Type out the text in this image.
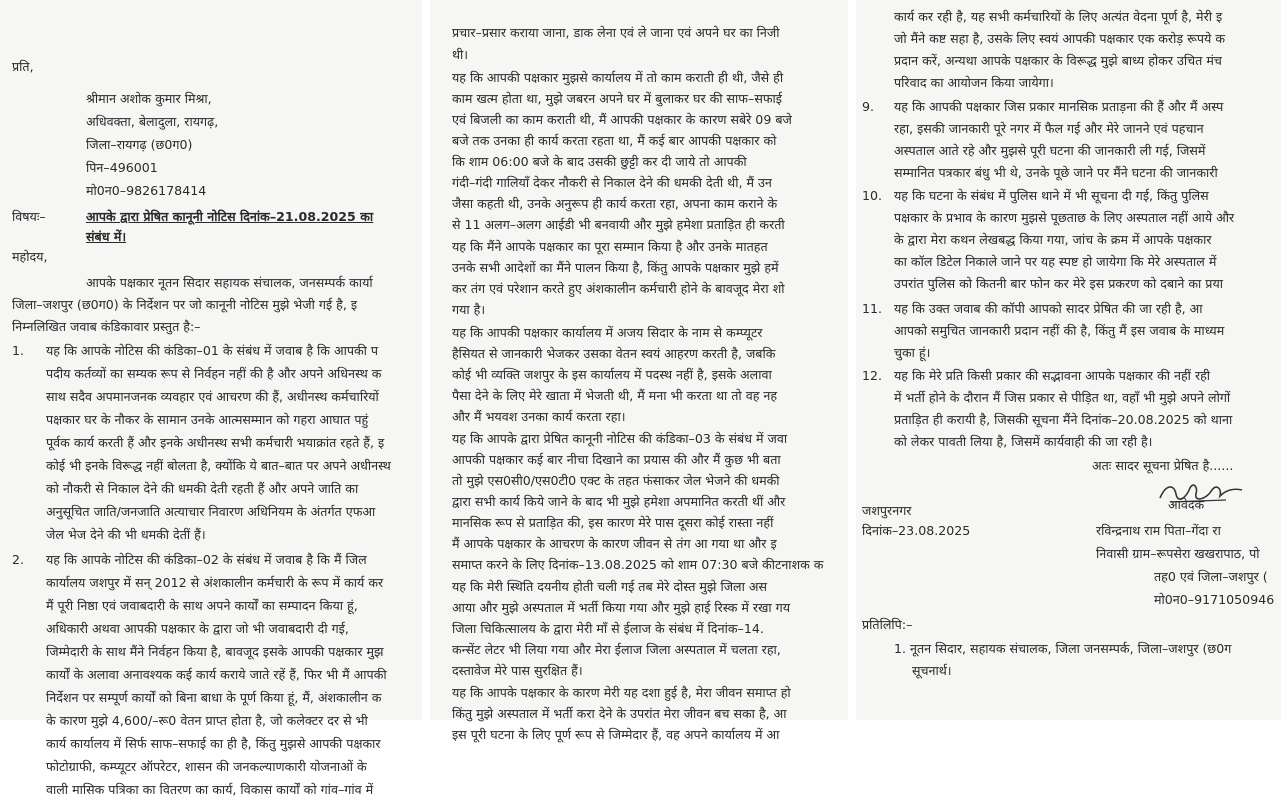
प्रति,
श्रीमान अशोक कुमार मिश्रा,
अधिवक्ता, बेलादुला, रायगढ़,
जिला–रायगढ़ (छ0ग0)
पिन–496001
मो0न0–9826178414
विषयः–	आपके द्वारा प्रेषित कानूनी नोटिस दिनांक–21.08.2025 का
संबंध में।
महोदय,
आपके पक्षकार नूतन सिदार सहायक संचालक, जनसम्पर्क कार्या
जिला–जशपुर (छ0ग0) के निर्देशन पर जो कानूनी नोटिस मुझे भेजी गई है, इ
निम्नलिखित जवाब कंडिकावार प्रस्तुत है:–
1. यह कि आपके नोटिस की कंडिका–01 के संबंध में जवाब है कि आपकी प
पदीय कर्तव्यों का सम्यक रूप से निर्वहन नहीं की है और अपने अधिनस्थ क
साथ सदैव अपमानजनक व्यवहार एवं आचरण की हैं, अधीनस्थ कर्मचारियों
पक्षकार घर के नौकर के सामान उनके आत्मसम्मान को गहरा आघात पहुं
पूर्वक कार्य करती हैं और इनके अधीनस्थ सभी कर्मचारी भयाक्रांत रहते हैं, इ
कोई भी इनके विरूद्ध नहीं बोलता है, क्योंकि ये बात–बात पर अपने अधीनस्थ
को नौकरी से निकाल देने की धमकी देती रहती हैं और अपने जाति का
अनुसूचित जाति/जनजाति अत्याचार निवारण अधिनियम के अंतर्गत एफआ
जेल भेज देने की भी धमकी देतीं हैं।
2. यह कि आपके नोटिस की कंडिका–02 के संबंध में जवाब है कि मैं जिल
कार्यालय जशपुर में सन् 2012 से अंशकालीन कर्मचारी के रूप में कार्य कर
मैं पूरी निष्ठा एवं जवाबदारी के साथ अपने कार्यों का सम्पादन किया हूं,
अधिकारी अथवा आपकी पक्षकार के द्वारा जो भी जवाबदारी दी गई,
जिम्मेदारी के साथ मैंने निर्वहन किया है, बावजूद इसके आपकी पक्षकार मुझ
कार्यों के अलावा अनावश्यक कई कार्य कराये जाते रहें हैं, फिर भी मैं आपकी
निर्देशन पर सम्पूर्ण कार्यों को बिना बाधा के पूर्ण किया हूं, मैं, अंशकालीन क
के कारण मुझे 4,600/–रू0 वेतन प्राप्त होता है, जो कलेक्टर दर से भी
कार्य कार्यालय में सिर्फ साफ–सफाई का ही है, किंतु मुझसे आपकी पक्षकार
फोटोग्राफी, कम्प्यूटर ऑपरेटर, शासन की जनकल्याणकारी योजनाओं के
वाली मासिक पत्रिका का वितरण का कार्य, विकास कार्यों को गांव–गांव में
प्रचार–प्रसार कराया जाना, डाक लेना एवं ले जाना एवं अपने घर का निजी
थी।
यह कि आपकी पक्षकार मुझसे कार्यालय में तो काम कराती ही थी, जैसे ही
काम खत्म होता था, मुझे जबरन अपने घर में बुलाकर घर की साफ–सफाई
एवं बिजली का काम कराती थी, मैं आपकी पक्षकार के कारण सबेरे 09 बजे
बजे तक उनका ही कार्य करता रहता था, मैं कई बार आपकी पक्षकार को
कि शाम 06:00 बजे के बाद उसकी छुट्टी कर दी जाये तो आपकी
गंदी–गंदी गालियाँ देकर नौकरी से निकाल देने की धमकी देती थी, मैं उन
जैसा कहती थी, उनके अनुरूप ही कार्य करता रहा, अपना काम कराने के
से 11 अलग–अलग आईडी भी बनवायी और मुझे हमेशा प्रताड़ित ही करती
यह कि मैंने आपके पक्षकार का पूरा सम्मान किया है और उनके मातहत
उनके सभी आदेशों का मैंने पालन किया है, किंतु आपके पक्षकार मुझे हमें
कर तंग एवं परेशान करते हुए अंशकालीन कर्मचारी होने के बावजूद मेरा शो
गया है।
यह कि आपकी पक्षकार कार्यालय में अजय सिदार के नाम से कम्प्यूटर
हैसियत से जानकारी भेजकर उसका वेतन स्वयं आहरण करती है, जबकि
कोई भी व्यक्ति जशपुर के इस कार्यालय में पदस्थ नहीं है, इसके अलावा
पैसा देने के लिए मेरे खाता में भेजती थी, मैं मना भी करता था तो वह नह
और मैं भयवश उनका कार्य करता रहा।
यह कि आपके द्वारा प्रेषित कानूनी नोटिस की कंडिका–03 के संबंध में जवा
आपकी पक्षकार कई बार नीचा दिखाने का प्रयास की और मैं कुछ भी बता
तो मुझे एस0सी0/एस0टी0 एक्ट के तहत फंसाकर जेल भेजने की धमकी
द्वारा सभी कार्य किये जाने के बाद भी मुझे हमेशा अपमानित करती थीं और
मानसिक रूप से प्रताड़ित की, इस कारण मेरे पास दूसरा कोई रास्ता नहीं
मैं आपके पक्षकार के आचरण के कारण जीवन से तंग आ गया था और इ
समाप्त करने के लिए दिनांक–13.08.2025 को शाम 07:30 बजे कीटनाशक क
यह कि मेरी स्थिति दयनीय होती चली गई तब मेरे दोस्त मुझे जिला अस
आया और मुझे अस्पताल में भर्ती किया गया और मुझे हाई रिस्क में रखा गय
जिला चिकित्सालय के द्वारा मेरी माँ से ईलाज के संबंध में दिनांक–14.
कन्सेंट लेटर भी लिया गया और मेरा ईलाज जिला अस्पताल में चलता रहा,
दस्तावेज मेरे पास सुरक्षित हैं।
यह कि आपके पक्षकार के कारण मेरी यह दशा हुई है, मेरा जीवन समाप्त हो
किंतु मुझे अस्पताल में भर्ती करा देने के उपरांत मेरा जीवन बच सका है, आ
इस पूरी घटना के लिए पूर्ण रूप से जिम्मेदार हैं, वह अपने कार्यालय में आ
कार्य कर रही है, यह सभी कर्मचारियों के लिए अत्यंत वेदना पूर्ण है, मेरी इ
जो मैंने कष्ट सहा है, उसके लिए स्वयं आपकी पक्षकार एक करोड़ रूपये क
प्रदान करें, अन्यथा आपके पक्षकार के विरूद्ध मुझे बाध्य होकर उचित मंच
परिवाद का आयोजन किया जायेगा।
9. यह कि आपकी पक्षकार जिस प्रकार मानसिक प्रताड़ना की हैं और मैं अस्प
रहा, इसकी जानकारी पूरे नगर में फैल गई और मेरे जानने एवं पहचान
अस्पताल आते रहे और मुझसे पूरी घटना की जानकारी ली गई, जिसमें
सम्मानित पत्रकार बंधु भी थे, उनके पूछे जाने पर मैंने घटना की जानकारी
10. यह कि घटना के संबंध में पुलिस थाने में भी सूचना दी गई, किंतु पुलिस
पक्षकार के प्रभाव के कारण मुझसे पूछताछ के लिए अस्पताल नहीं आये और
के द्वारा मेरा कथन लेखबद्ध किया गया, जांच के क्रम में आपके पक्षकार
का कॉल डिटेल निकाले जाने पर यह स्पष्ट हो जायेगा कि मेरे अस्पताल में
उपरांत पुलिस को कितनी बार फोन कर मेरे इस प्रकरण को दबाने का प्रया
11. यह कि उक्त जवाब की कॉपी आपको सादर प्रेषित की जा रही है, आ
आपको समुचित जानकारी प्रदान नहीं की है, किंतु मैं इस जवाब के माध्यम
चुका हूं।
12. यह कि मेरे प्रति किसी प्रकार की सद्भावना आपके पक्षकार की नहीं रही
में भर्ती होने के दौरान मैं जिस प्रकार से पीड़ित था, वहाँ भी मुझे अपने लोगों
प्रताड़ित ही करायी है, जिसकी सूचना मैंने दिनांक–20.08.2025 को थाना
को लेकर पावती लिया है, जिसमें कार्यवाही की जा रही है।
अतः सादर सूचना प्रेषित है......
आवेदक
जशपुरनगर
दिनांक–23.08.2025	रविन्द्रनाथ राम पिता–गेंदा रा
निवासी ग्राम–रूपसेरा खखरापाठ, पो
तह0 एवं जिला–जशपुर (
मो0न0–9171050946
प्रतिलिपि:–
1. नूतन सिदार, सहायक संचालक, जिला जनसम्पर्क, जिला–जशपुर (छ0ग
सूचनार्थ।
